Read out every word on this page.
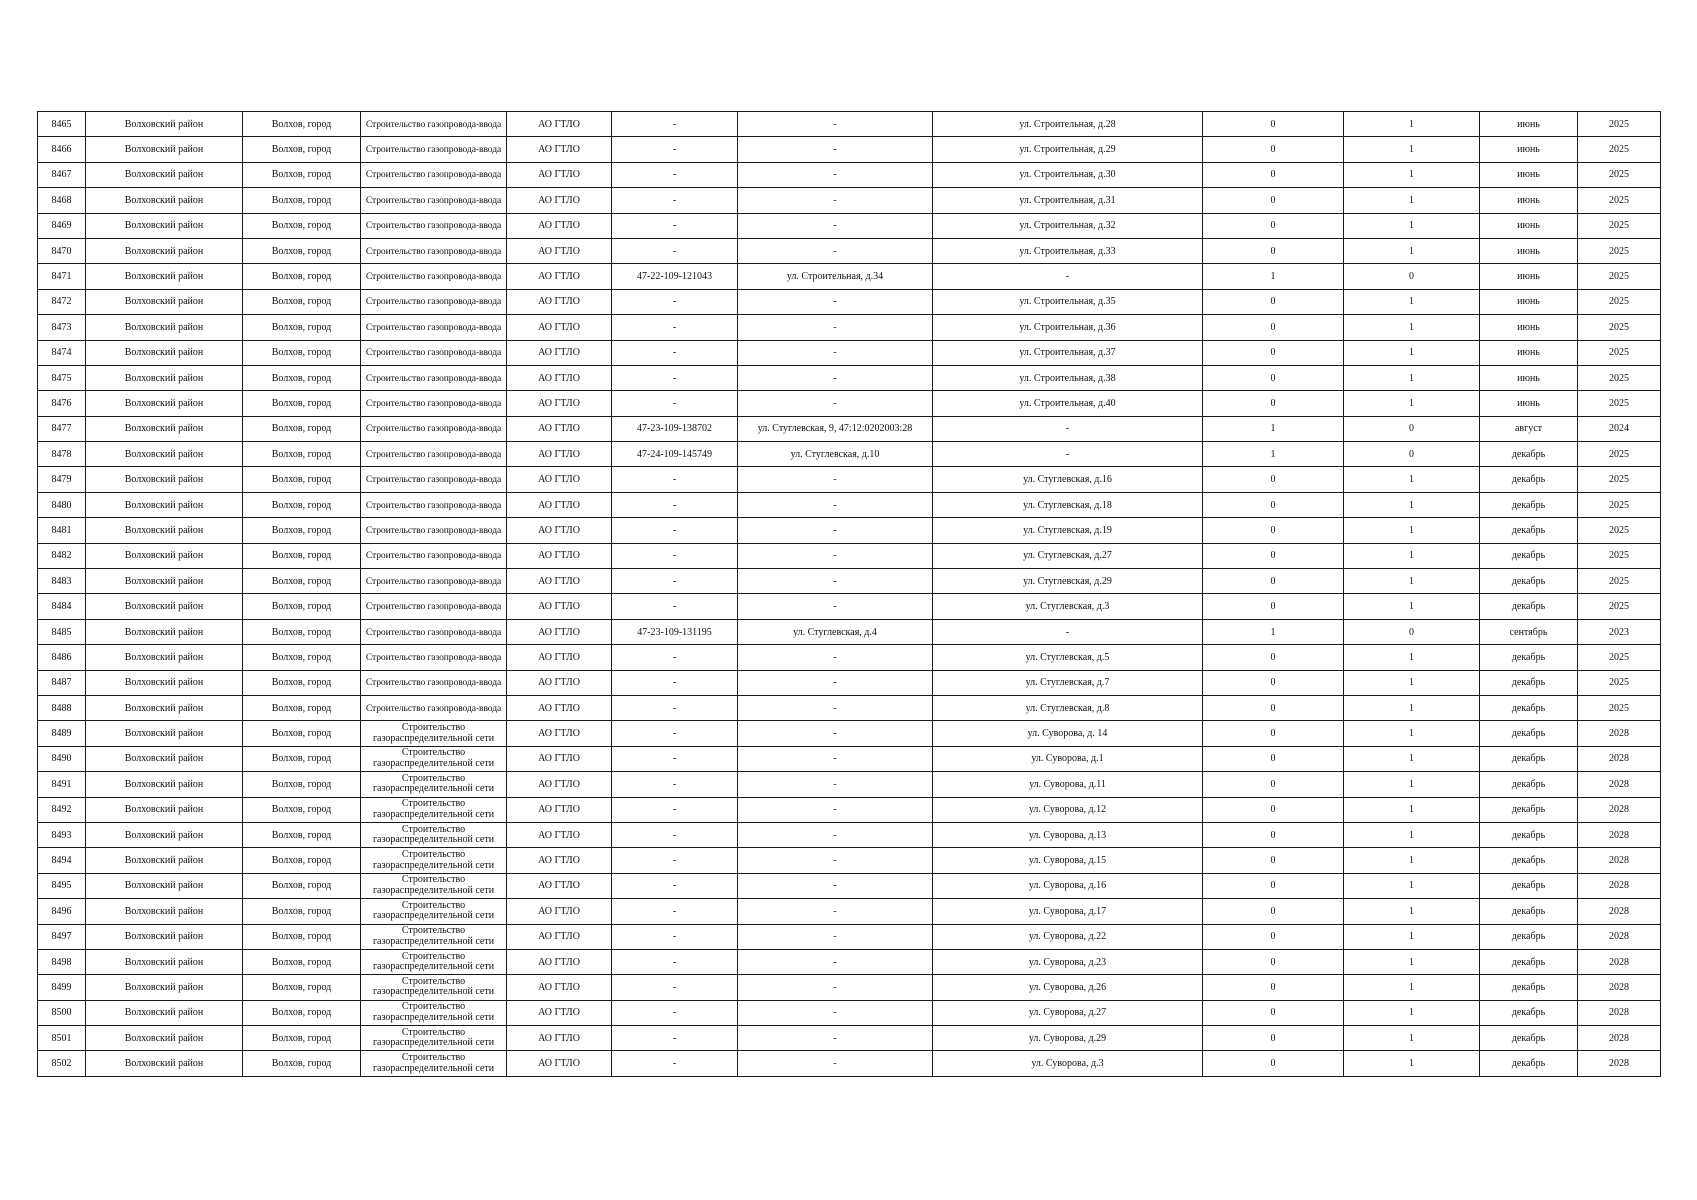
8465	Волховский район	Волхов, город	Строительство газопровода-ввода	АО ГТЛО	-	-	ул. Строительная, д.28	0	1	июнь	2025
8466	Волховский район	Волхов, город	Строительство газопровода-ввода	АО ГТЛО	-	-	ул. Строительная, д.29	0	1	июнь	2025
8467	Волховский район	Волхов, город	Строительство газопровода-ввода	АО ГТЛО	-	-	ул. Строительная, д.30	0	1	июнь	2025
8468	Волховский район	Волхов, город	Строительство газопровода-ввода	АО ГТЛО	-	-	ул. Строительная, д.31	0	1	июнь	2025
8469	Волховский район	Волхов, город	Строительство газопровода-ввода	АО ГТЛО	-	-	ул. Строительная, д.32	0	1	июнь	2025
8470	Волховский район	Волхов, город	Строительство газопровода-ввода	АО ГТЛО	-	-	ул. Строительная, д.33	0	1	июнь	2025
8471	Волховский район	Волхов, город	Строительство газопровода-ввода	АО ГТЛО	47-22-109-121043	ул. Строительная, д.34	-	1	0	июнь	2025
8472	Волховский район	Волхов, город	Строительство газопровода-ввода	АО ГТЛО	-	-	ул. Строительная, д.35	0	1	июнь	2025
8473	Волховский район	Волхов, город	Строительство газопровода-ввода	АО ГТЛО	-	-	ул. Строительная, д.36	0	1	июнь	2025
8474	Волховский район	Волхов, город	Строительство газопровода-ввода	АО ГТЛО	-	-	ул. Строительная, д.37	0	1	июнь	2025
8475	Волховский район	Волхов, город	Строительство газопровода-ввода	АО ГТЛО	-	-	ул. Строительная, д.38	0	1	июнь	2025
8476	Волховский район	Волхов, город	Строительство газопровода-ввода	АО ГТЛО	-	-	ул. Строительная, д.40	0	1	июнь	2025
8477	Волховский район	Волхов, город	Строительство газопровода-ввода	АО ГТЛО	47-23-109-138702	ул. Стуглевская, 9, 47:12:0202003:28	-	1	0	август	2024
8478	Волховский район	Волхов, город	Строительство газопровода-ввода	АО ГТЛО	47-24-109-145749	ул. Стуглевская, д.10	-	1	0	декабрь	2025
8479	Волховский район	Волхов, город	Строительство газопровода-ввода	АО ГТЛО	-	-	ул. Стуглевская, д.16	0	1	декабрь	2025
8480	Волховский район	Волхов, город	Строительство газопровода-ввода	АО ГТЛО	-	-	ул. Стуглевская, д.18	0	1	декабрь	2025
8481	Волховский район	Волхов, город	Строительство газопровода-ввода	АО ГТЛО	-	-	ул. Стуглевская, д.19	0	1	декабрь	2025
8482	Волховский район	Волхов, город	Строительство газопровода-ввода	АО ГТЛО	-	-	ул. Стуглевская, д.27	0	1	декабрь	2025
8483	Волховский район	Волхов, город	Строительство газопровода-ввода	АО ГТЛО	-	-	ул. Стуглевская, д.29	0	1	декабрь	2025
8484	Волховский район	Волхов, город	Строительство газопровода-ввода	АО ГТЛО	-	-	ул. Стуглевская, д.3	0	1	декабрь	2025
8485	Волховский район	Волхов, город	Строительство газопровода-ввода	АО ГТЛО	47-23-109-131195	ул. Стуглевская, д.4	-	1	0	сентябрь	2023
8486	Волховский район	Волхов, город	Строительство газопровода-ввода	АО ГТЛО	-	-	ул. Стуглевская, д.5	0	1	декабрь	2025
8487	Волховский район	Волхов, город	Строительство газопровода-ввода	АО ГТЛО	-	-	ул. Стуглевская, д.7	0	1	декабрь	2025
8488	Волховский район	Волхов, город	Строительство газопровода-ввода	АО ГТЛО	-	-	ул. Стуглевская, д.8	0	1	декабрь	2025
8489	Волховский район	Волхов, город	Строительство газораспределительной сети	АО ГТЛО	-	-	ул. Суворова, д. 14	0	1	декабрь	2028
8490	Волховский район	Волхов, город	Строительство газораспределительной сети	АО ГТЛО	-	-	ул. Суворова, д.1	0	1	декабрь	2028
8491	Волховский район	Волхов, город	Строительство газораспределительной сети	АО ГТЛО	-	-	ул. Суворова, д.11	0	1	декабрь	2028
8492	Волховский район	Волхов, город	Строительство газораспределительной сети	АО ГТЛО	-	-	ул. Суворова, д.12	0	1	декабрь	2028
8493	Волховский район	Волхов, город	Строительство газораспределительной сети	АО ГТЛО	-	-	ул. Суворова, д.13	0	1	декабрь	2028
8494	Волховский район	Волхов, город	Строительство газораспределительной сети	АО ГТЛО	-	-	ул. Суворова, д.15	0	1	декабрь	2028
8495	Волховский район	Волхов, город	Строительство газораспределительной сети	АО ГТЛО	-	-	ул. Суворова, д.16	0	1	декабрь	2028
8496	Волховский район	Волхов, город	Строительство газораспределительной сети	АО ГТЛО	-	-	ул. Суворова, д.17	0	1	декабрь	2028
8497	Волховский район	Волхов, город	Строительство газораспределительной сети	АО ГТЛО	-	-	ул. Суворова, д.22	0	1	декабрь	2028
8498	Волховский район	Волхов, город	Строительство газораспределительной сети	АО ГТЛО	-	-	ул. Суворова, д.23	0	1	декабрь	2028
8499	Волховский район	Волхов, город	Строительство газораспределительной сети	АО ГТЛО	-	-	ул. Суворова, д.26	0	1	декабрь	2028
8500	Волховский район	Волхов, город	Строительство газораспределительной сети	АО ГТЛО	-	-	ул. Суворова, д.27	0	1	декабрь	2028
8501	Волховский район	Волхов, город	Строительство газораспределительной сети	АО ГТЛО	-	-	ул. Суворова, д.29	0	1	декабрь	2028
8502	Волховский район	Волхов, город	Строительство газораспределительной сети	АО ГТЛО	-	-	ул. Суворова, д.3	0	1	декабрь	2028
